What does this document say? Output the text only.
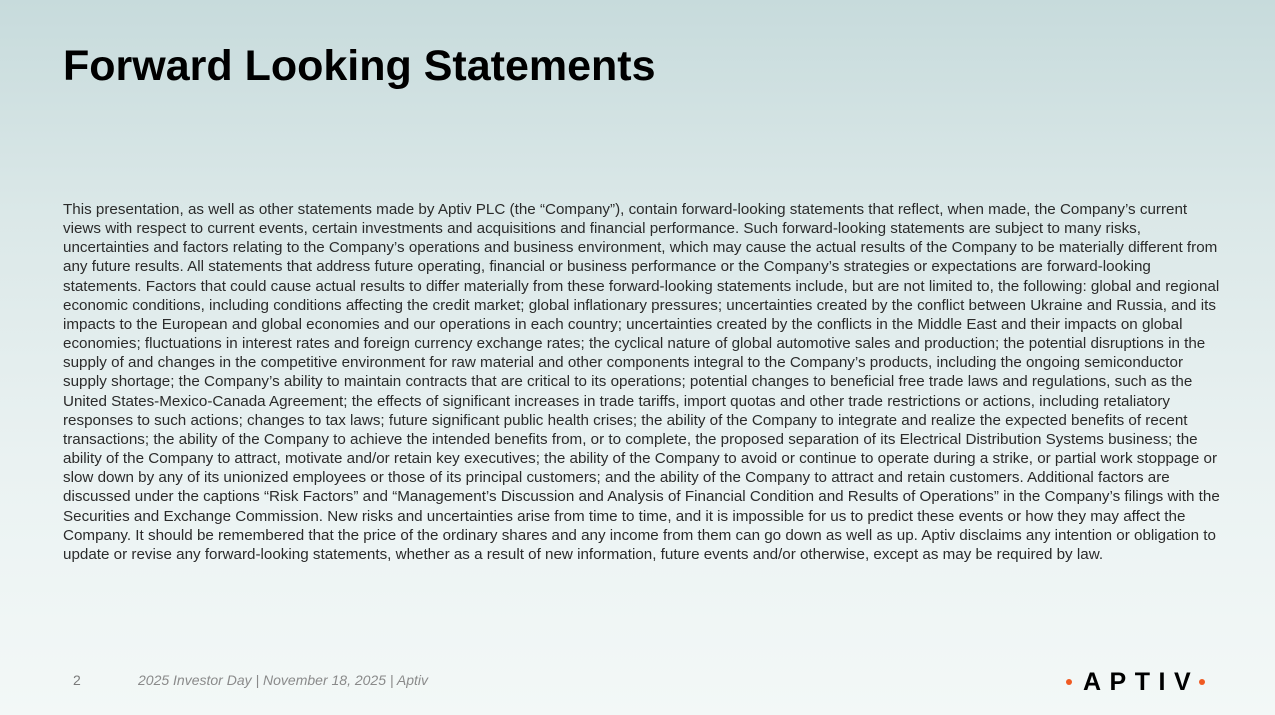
Forward Looking Statements

This presentation, as well as other statements made by Aptiv PLC (the “Company”), contain forward-looking statements that reflect, when made, the Company’s current views with respect to current events, certain investments and acquisitions and financial performance. Such forward-looking statements are subject to many risks, uncertainties and factors relating to the Company’s operations and business environment, which may cause the actual results of the Company to be materially different from any future results. All statements that address future operating, financial or business performance or the Company’s strategies or expectations are forward-looking statements. Factors that could cause actual results to differ materially from these forward-looking statements include, but are not limited to, the following: global and regional economic conditions, including conditions affecting the credit market; global inflationary pressures; uncertainties created by the conflict between Ukraine and Russia, and its impacts to the European and global economies and our operations in each country; uncertainties created by the conflicts in the Middle East and their impacts on global economies; fluctuations in interest rates and foreign currency exchange rates; the cyclical nature of global automotive sales and production; the potential disruptions in the supply of and changes in the competitive environment for raw material and other components integral to the Company’s products, including the ongoing semiconductor supply shortage; the Company’s ability to maintain contracts that are critical to its operations; potential changes to beneficial free trade laws and regulations, such as the United States-Mexico-Canada Agreement; the effects of significant increases in trade tariffs, import quotas and other trade restrictions or actions, including retaliatory responses to such actions; changes to tax laws; future significant public health crises; the ability of the Company to integrate and realize the expected benefits of recent transactions; the ability of the Company to achieve the intended benefits from, or to complete, the proposed separation of its Electrical Distribution Systems business; the ability of the Company to attract, motivate and/or retain key executives; the ability of the Company to avoid or continue to operate during a strike, or partial work stoppage or slow down by any of its unionized employees or those of its principal customers; and the ability of the Company to attract and retain customers. Additional factors are discussed under the captions “Risk Factors” and “Management’s Discussion and Analysis of Financial Condition and Results of Operations” in the Company’s filings with the Securities and Exchange Commission. New risks and uncertainties arise from time to time, and it is impossible for us to predict these events or how they may affect the Company. It should be remembered that the price of the ordinary shares and any income from them can go down as well as up. Aptiv disclaims any intention or obligation to update or revise any forward-looking statements, whether as a result of new information, future events and/or otherwise, except as may be required by law.

2	2025 Investor Day | November 18, 2025 | Aptiv	APTIV
